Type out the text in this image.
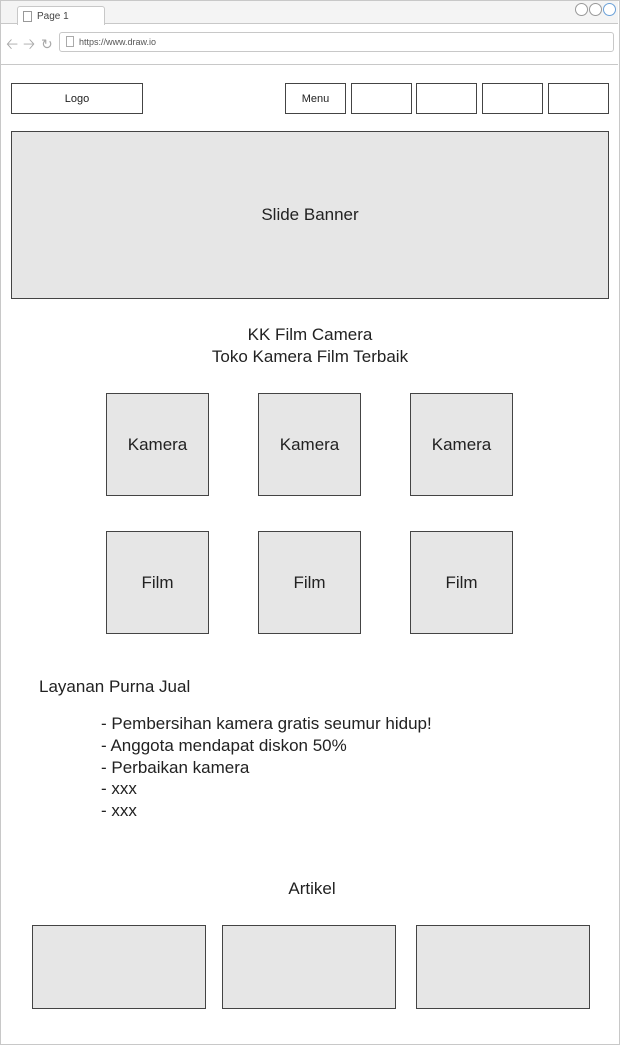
Page 1
🡠 🡢 ↻	https://www.draw.io
Logo	Menu
Slide Banner
KK Film Camera
Toko Kamera Film Terbaik
Kamera	Kamera	Kamera
Film	Film	Film
Layanan Purna Jual
- Pembersihan kamera gratis seumur hidup!
- Anggota mendapat diskon 50%
- Perbaikan kamera
- xxx
- xxx
Artikel
